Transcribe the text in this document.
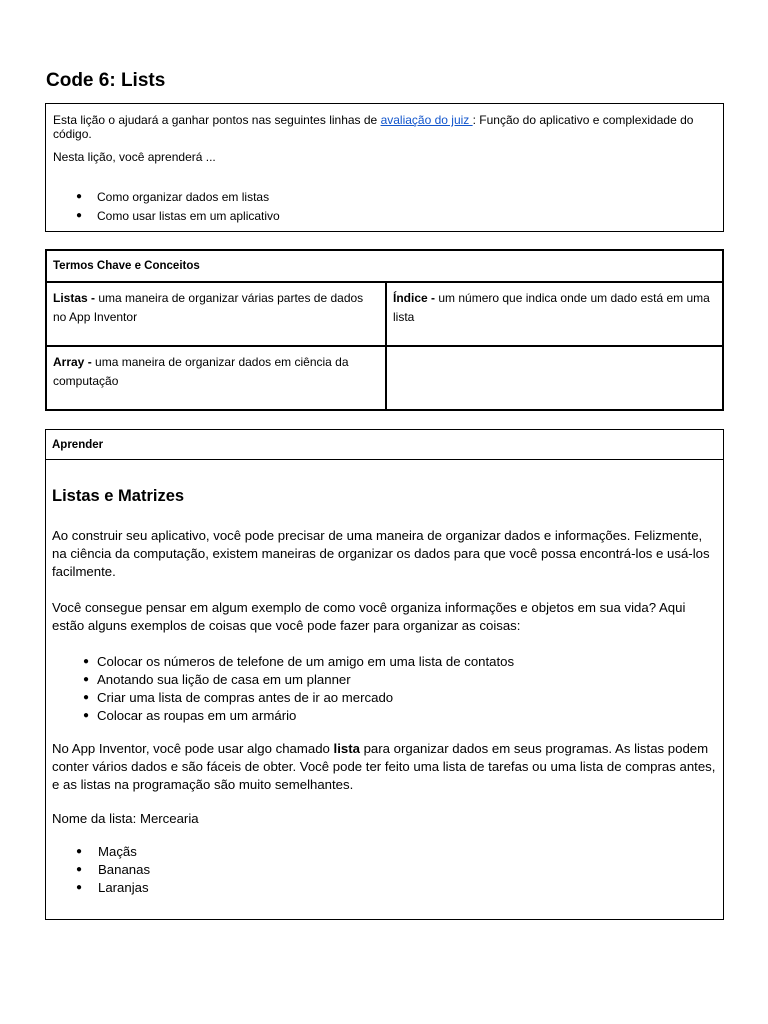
Code 6: Lists

Esta lição o ajudará a ganhar pontos nas seguintes linhas de avaliação do juiz : Função do aplicativo e complexidade do código.

Nesta lição, você aprenderá ...

●	Como organizar dados em listas
●	Como usar listas em um aplicativo
Termos Chave e Conceitos	
Listas - uma maneira de organizar várias partes de dados no App Inventor	Índice - um número que indica onde um dado está em uma lista
Array - uma maneira de organizar dados em ciência da computação	
Aprender
Listas e Matrizes

Ao construir seu aplicativo, você pode precisar de uma maneira de organizar dados e informações. Felizmente, na ciência da computação, existem maneiras de organizar os dados para que você possa encontrá-los e usá-los facilmente.

Você consegue pensar em algum exemplo de como você organiza informações e objetos em sua vida? Aqui estão alguns exemplos de coisas que você pode fazer para organizar as coisas:

● Colocar os números de telefone de um amigo em uma lista de contatos
● Anotando sua lição de casa em um planner
● Criar uma lista de compras antes de ir ao mercado
● Colocar as roupas em um armário

No App Inventor, você pode usar algo chamado lista para organizar dados em seus programas. As listas podem conter vários dados e são fáceis de obter. Você pode ter feito uma lista de tarefas ou uma lista de compras antes, e as listas na programação são muito semelhantes.

Nome da lista: Mercearia

●	Maçãs
●	Bananas
●	Laranjas
